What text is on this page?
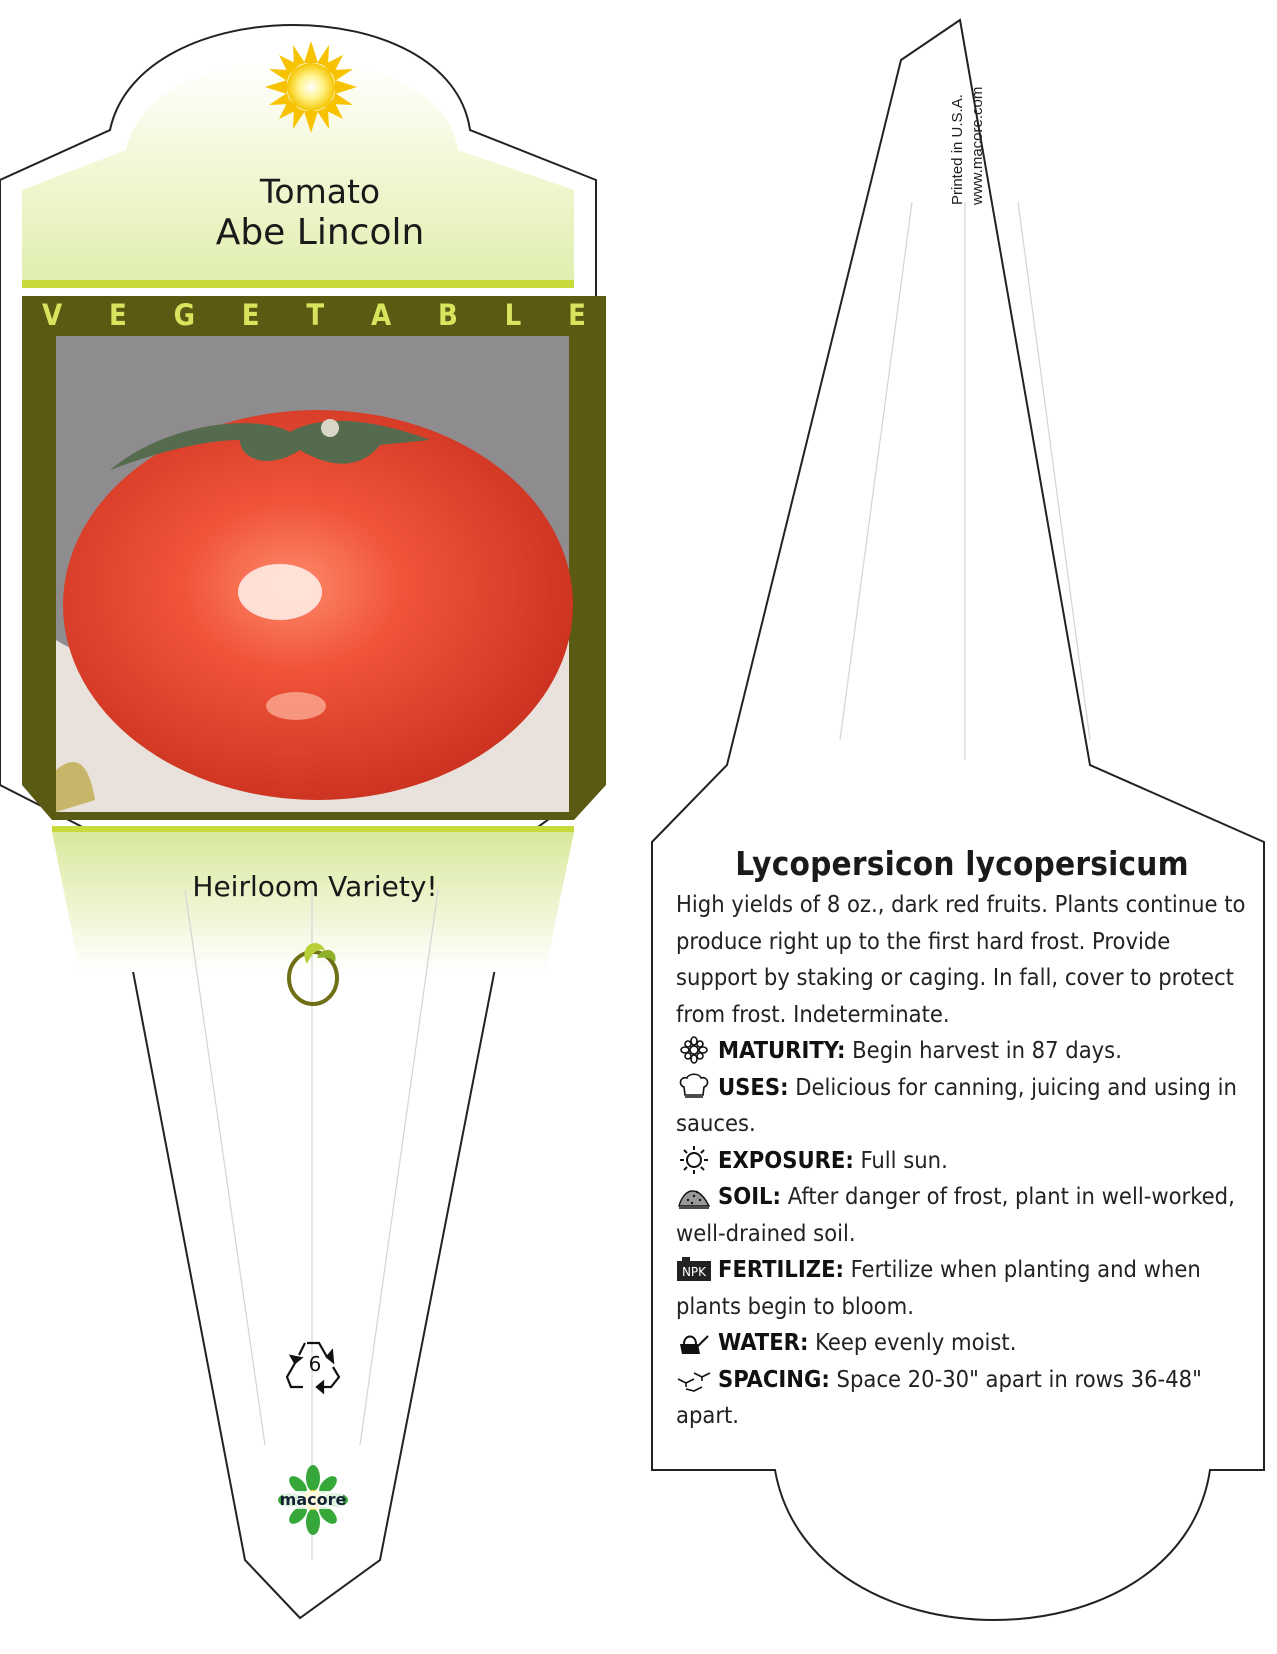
Tomato
Abe Lincoln
V E G E T A B L E
Heirloom Variety!
6
macore
Printed in U.S.A. www.macore.com
Lycopersicon lycopersicum

High yields of 8 oz., dark red fruits. Plants continue to produce right up to the first hard frost. Provide support by staking or caging. In fall, cover to protect from frost. Indeterminate.

MATURITY: Begin harvest in 87 days.

USES: Delicious for canning, juicing and using in sauces.

EXPOSURE: Full sun.

SOIL: After danger of frost, plant in well-worked, well-drained soil.

NPK FERTILIZE: Fertilize when planting and when plants begin to bloom.

WATER: Keep evenly moist.

SPACING: Space 20-30" apart in rows 36-48" apart.
